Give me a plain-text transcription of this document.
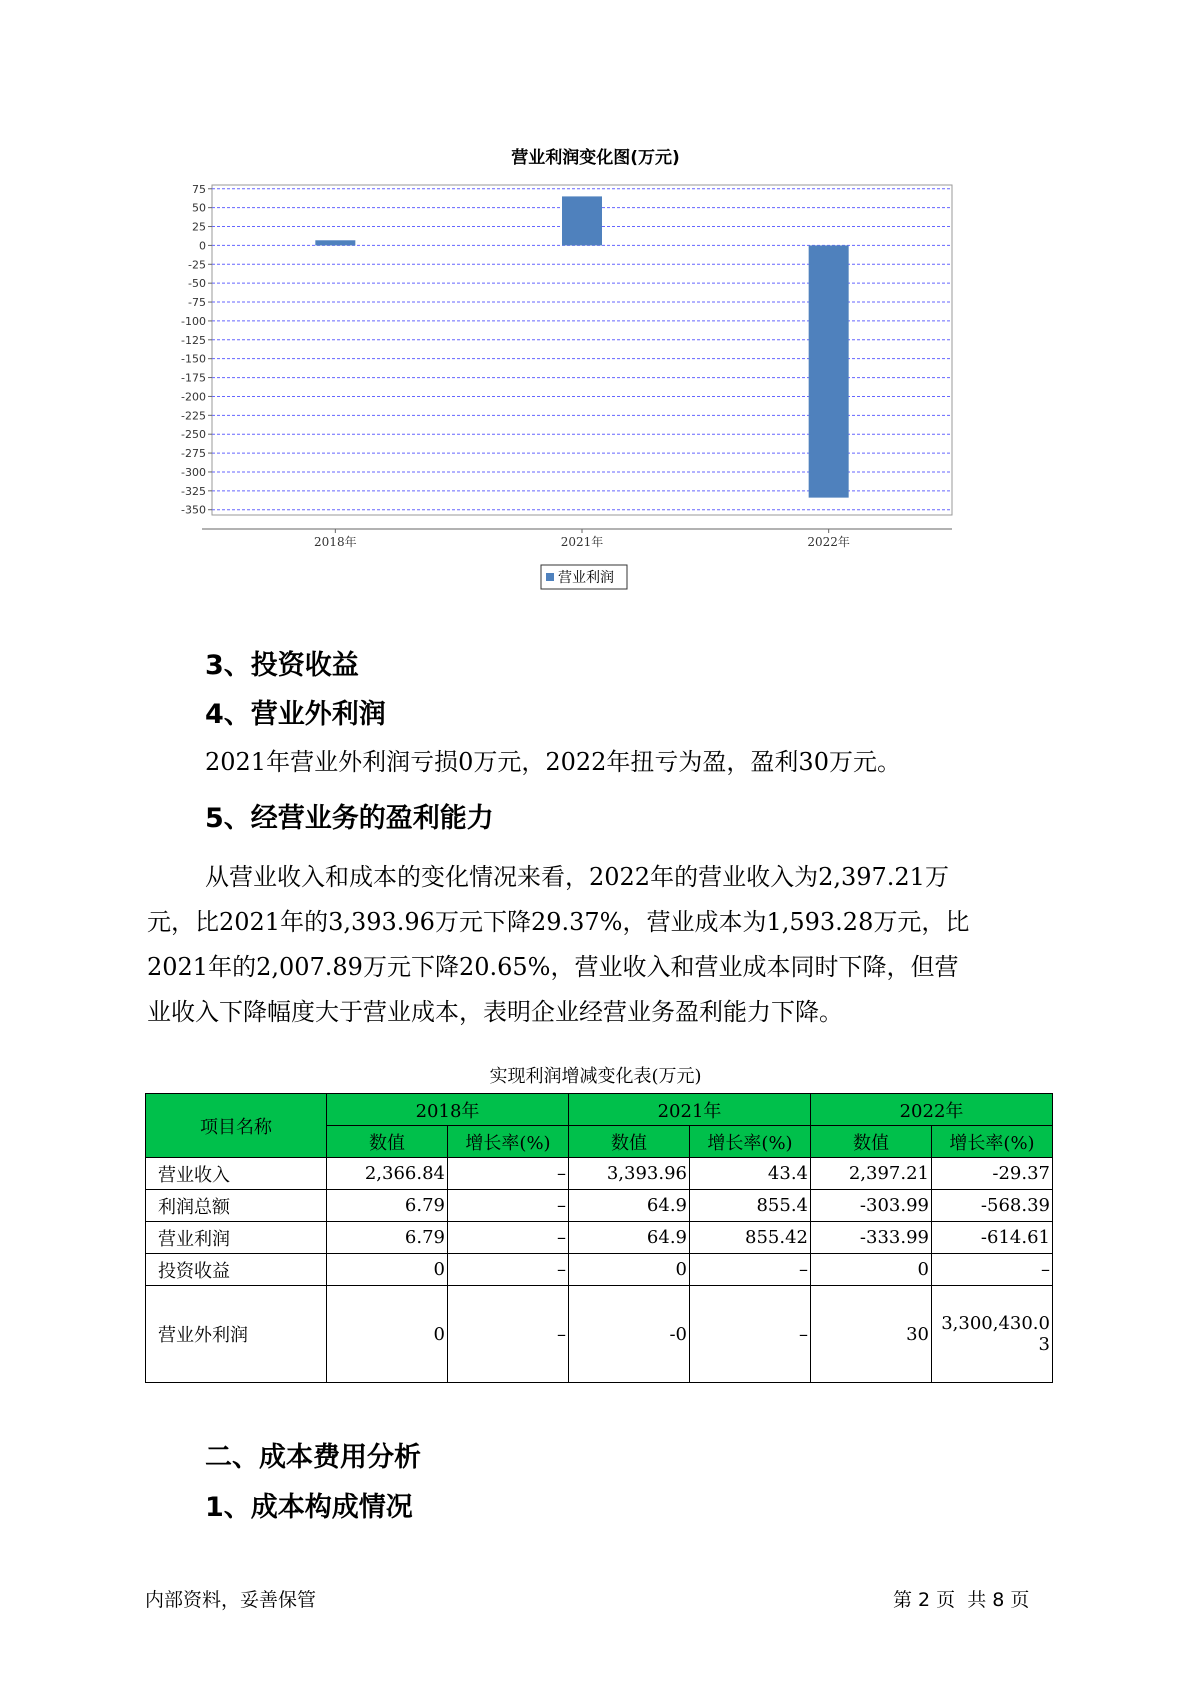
营业利润变化图(万元)
75
50
25
0
-25
-50
-75
-100
-125
-150
-175
-200
-225
-250
-275
-300
-325
-350
2018年	2021年	2022年
营业利润
3、投资收益
4、营业外利润

2021年营业外利润亏损0万元，2022年扭亏为盈，盈利30万元。

5、经营业务的盈利能力

从营业收入和成本的变化情况来看，2022年的营业收入为2,397.21万

元，比2021年的3,393.96万元下降29.37%，营业成本为1,593.28万元，比

2021年的2,007.89万元下降20.65%，营业收入和营业成本同时下降，但营

业收入下降幅度大于营业成本，表明企业经营业务盈利能力下降。

实现利润增减变化表(万元)
项目名称	2018年		2021年		2022年	
	数值	增长率(%)	数值	增长率(%)	数值	增长率(%)
营业收入	2,366.84	–	3,393.96	43.4	2,397.21	-29.37
利润总额	6.79	–	64.9	855.4	-303.99	-568.39
营业利润	6.79	–	64.9	855.42	-333.99	-614.61
投资收益	0	–	0	–	0	–
营业外利润	0	–	-0	–	30	3,300,430.03
二、成本费用分析
1、成本构成情况
内部资料，妥善保管	第 2 页  共 8 页
